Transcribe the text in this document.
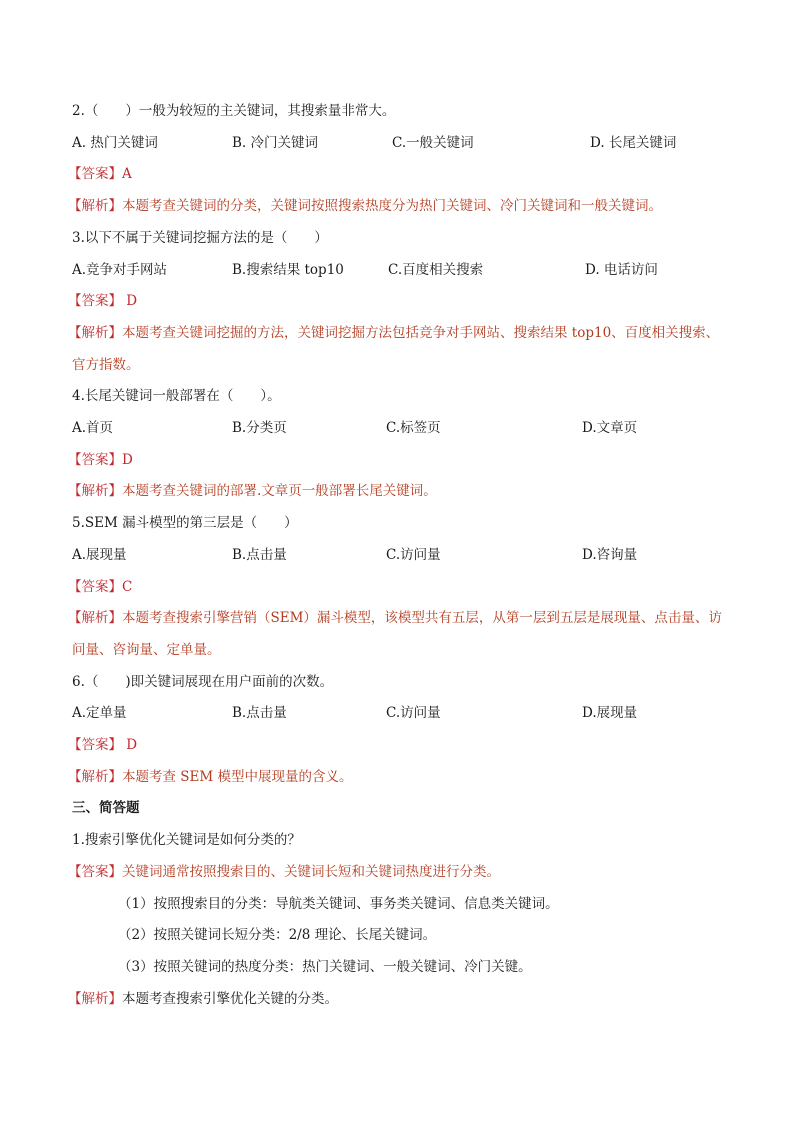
2.（　　）一般为较短的主关键词，其搜索量非常大。
A. 热门关键词	B. 冷门关键词	C.一般关键词	D. 长尾关键词
【答案】A
【解析】本题考查关键词的分类，关键词按照搜索热度分为热门关键词、冷门关键词和一般关键词。
3.以下不属于关键词挖掘方法的是（　　）
A.竞争对手网站	B.搜索结果 top10	C.百度相关搜索	D. 电话访问
【答案】 D
【解析】本题考查关键词挖掘的方法，关键词挖掘方法包括竞争对手网站、搜索结果 top10、百度相关搜索、官方指数。
4.长尾关键词一般部署在（　　）。
A.首页	B.分类页	C.标签页	D.文章页
【答案】D
【解析】本题考查关键词的部署.文章页一般部署长尾关键词。
5.SEM 漏斗模型的第三层是（　　）
A.展现量	B.点击量	C.访问量	D.咨询量
【答案】C
【解析】本题考查搜索引擎营销（SEM）漏斗模型，该模型共有五层，从第一层到五层是展现量、点击量、访问量、咨询量、定单量。
6.（　　)即关键词展现在用户面前的次数。
A.定单量	B.点击量	C.访问量	D.展现量
【答案】 D
【解析】本题考查 SEM 模型中展现量的含义。
三、简答题
1.搜索引擎优化关键词是如何分类的？
【答案】关键词通常按照搜索目的、关键词长短和关键词热度进行分类。
（1）按照搜索目的分类：导航类关键词、事务类关键词、信息类关键词。
（2）按照关键词长短分类：2/8 理论、长尾关键词。
（3）按照关键词的热度分类：热门关键词、一般关键词、冷门关键。
【解析】本题考查搜索引擎优化关键的分类。
